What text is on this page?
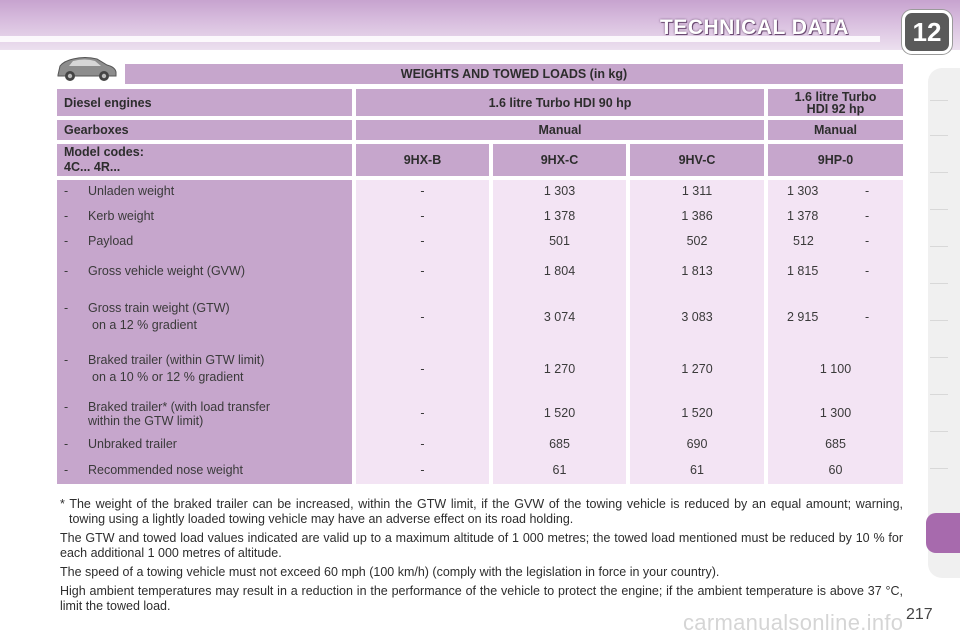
TECHNICAL DATA 12
WEIGHTS AND TOWED LOADS (in kg)
Diesel engines	1.6 litre Turbo HDI 90 hp	1.6 litre Turbo
HDI 92 hp
Gearboxes	Manual	Manual
Model codes:
4C... 4R...	9HX-B	9HX-C	9HV-C	9HP-0
- Unladen weight	-	1 303	1 311	1 303	-
- Kerb weight	-	1 378	1 386	1 378	-
- Payload	-	501	502	512	-
- Gross vehicle weight (GVW)	-	1 804	1 813	1 815	-
- Gross train weight (GTW)
on a 12 % gradient
-	3 074	3 083	2 915	-
- Braked trailer (within GTW limit)
on a 10 % or 12 % gradient
-	1 270	1 270	1 100
- Braked trailer* (with load transfer
within the GTW limit)
-	1 520	1 520	1 300
- Unbraked trailer	-	685	690	685
- Recommended nose weight	-	61	61	60

* The weight of the braked trailer can be increased, within the GTW limit, if the GVW of the towing vehicle is reduced by an equal amount; warning, towing using a lightly loaded towing vehicle may have an adverse effect on its road holding.

The GTW and towed load values indicated are valid up to a maximum altitude of 1 000 metres; the towed load mentioned must be reduced by 10 % for each additional 1 000 metres of altitude.

The speed of a towing vehicle must not exceed 60 mph (100 km/h) (comply with the legislation in force in your country).

High ambient temperatures may result in a reduction in the performance of the vehicle to protect the engine; if the ambient temperature is above 37 °C, limit the towed load.

carmanualsonline.info 217
